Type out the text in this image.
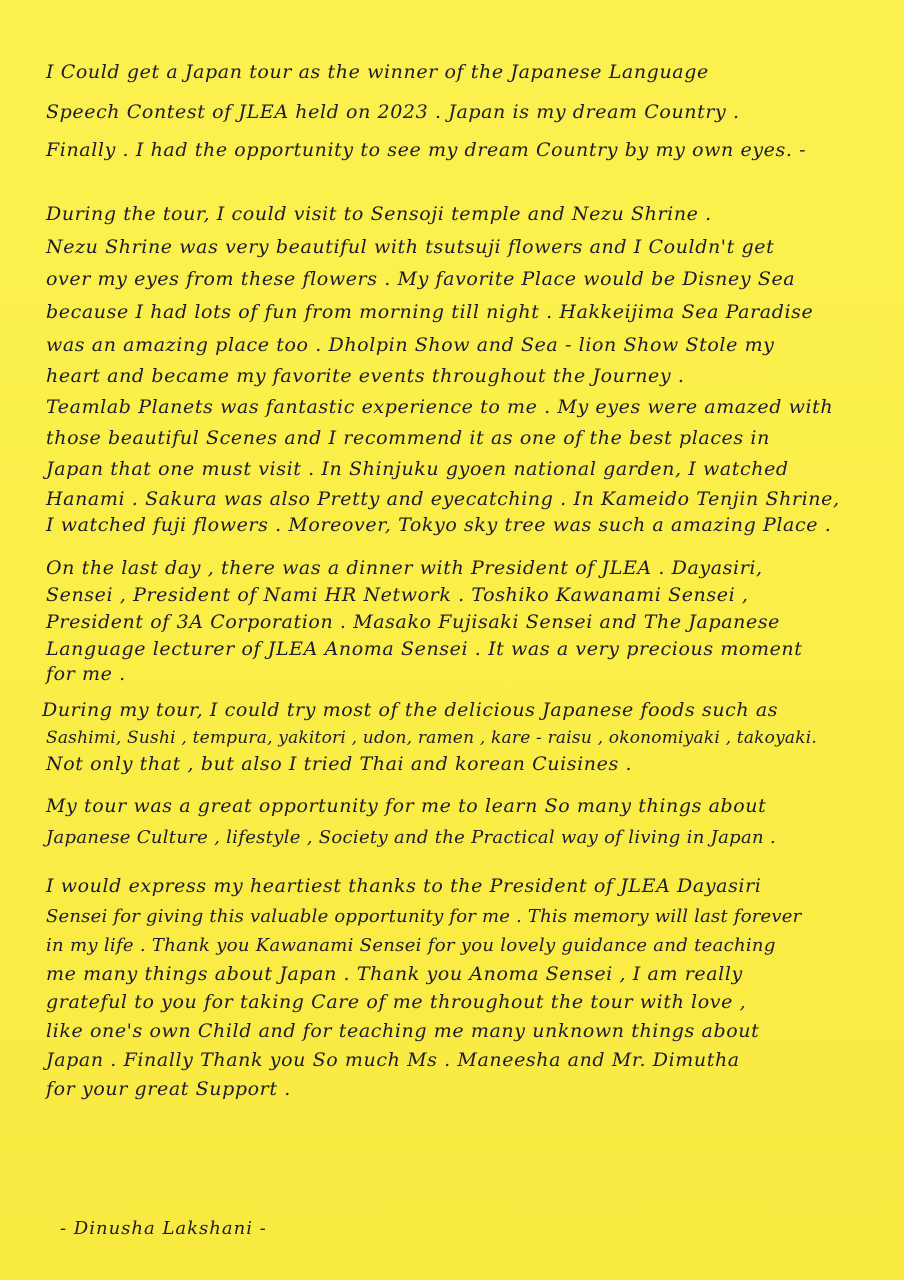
I Could get a Japan tour as the winner of the Japanese Language
Speech Contest of JLEA held on 2023 . Japan is my dream Country .
Finally . I had the opportunity to see my dream Country by my own eyes. -
During the tour, I could visit to Sensoji temple and Nezu Shrine .
Nezu Shrine was very beautiful with tsutsuji flowers and I Couldn't get
over my eyes from these flowers . My favorite Place would be Disney Sea
because I had lots of fun from morning till night . Hakkeijima Sea Paradise
was an amazing place too . Dholpin Show and Sea - lion Show Stole my
heart and became my favorite events throughout the Journey .
Teamlab Planets was fantastic experience to me . My eyes were amazed with
those beautiful Scenes and I recommend it as one of the best places in
Japan that one must visit . In Shinjuku gyoen national garden, I watched
Hanami . Sakura was also Pretty and eyecatching . In Kameido Tenjin Shrine,
I watched fuji flowers . Moreover, Tokyo sky tree was such a amazing Place .
On the last day , there was a dinner with President of JLEA . Dayasiri,
Sensei , President of Nami HR Network . Toshiko Kawanami Sensei ,
President of 3A Corporation . Masako Fujisaki Sensei and The Japanese
Language lecturer of JLEA Anoma Sensei . It was a very precious moment
for me .
During my tour, I could try most of the delicious Japanese foods such as
Sashimi, Sushi , tempura, yakitori , udon, ramen , kare - raisu , okonomiyaki , takoyaki.
Not only that , but also I tried Thai and korean Cuisines .
My tour was a great opportunity for me to learn So many things about
Japanese Culture , lifestyle , Society and the Practical way of living in Japan .
I would express my heartiest thanks to the President of JLEA Dayasiri
Sensei for giving this valuable opportunity for me . This memory will last forever
in my life . Thank you Kawanami Sensei for you lovely guidance and teaching
me many things about Japan . Thank you Anoma Sensei , I am really
grateful to you for taking Care of me throughout the tour with love ,
like one's own Child and for teaching me many unknown things about
Japan . Finally Thank you So much Ms . Maneesha and Mr. Dimutha
for your great Support .
- Dinusha Lakshani -
